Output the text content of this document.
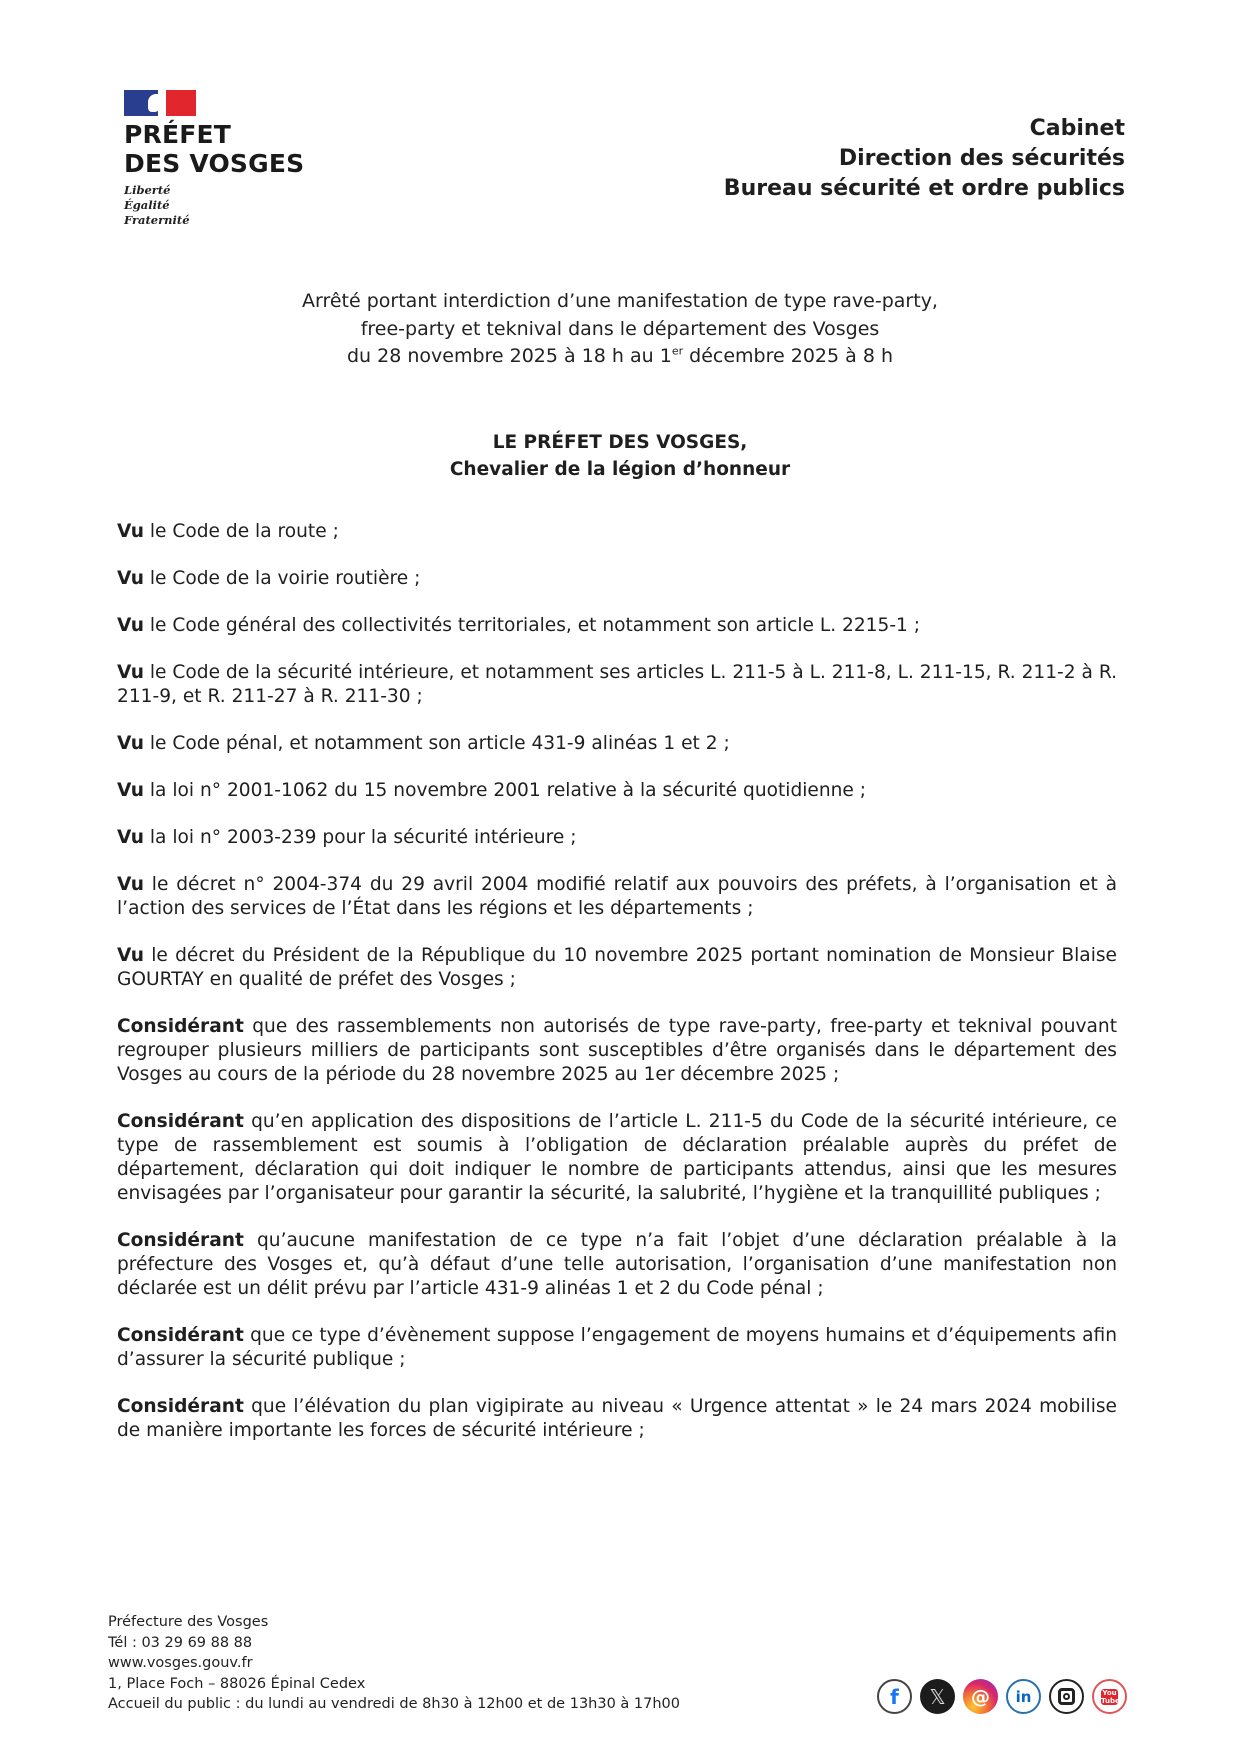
PRÉFET
DES VOSGES
Liberté
Égalité
Fraternité
Cabinet
Direction des sécurités
Bureau sécurité et ordre publics
Arrêté portant interdiction d’une manifestation de type rave-party,
free-party et teknival dans le département des Vosges
du 28 novembre 2025 à 18 h au 1er décembre 2025 à 8 h
LE PRÉFET DES VOSGES,
Chevalier de la légion d’honneur

Vu le Code de la route ;

Vu le Code de la voirie routière ;

Vu le Code général des collectivités territoriales, et notamment son article L. 2215-1 ;

Vu le Code de la sécurité intérieure, et notamment ses articles L. 211-5 à L. 211-8, L. 211-15, R. 211-2 à R. 211-9, et R. 211-27 à R. 211-30 ;

Vu le Code pénal, et notamment son article 431-9 alinéas 1 et 2 ;

Vu la loi n° 2001-1062 du 15 novembre 2001 relative à la sécurité quotidienne ;

Vu la loi n° 2003-239 pour la sécurité intérieure ;

Vu le décret n° 2004-374 du 29 avril 2004 modifié relatif aux pouvoirs des préfets, à l’organisation et à l’action des services de l’État dans les régions et les départements ;

Vu le décret du Président de la République du 10 novembre 2025 portant nomination de Monsieur Blaise GOURTAY en qualité de préfet des Vosges ;

Considérant que des rassemblements non autorisés de type rave-party, free-party et teknival pouvant regrouper plusieurs milliers de participants sont susceptibles d’être organisés dans le département des Vosges au cours de la période du 28 novembre 2025 au 1er décembre 2025 ;

Considérant qu’en application des dispositions de l’article L. 211-5 du Code de la sécurité intérieure, ce type de rassemblement est soumis à l’obligation de déclaration préalable auprès du préfet de département, déclaration qui doit indiquer le nombre de participants attendus, ainsi que les mesures envisagées par l’organisateur pour garantir la sécurité, la salubrité, l’hygiène et la tranquillité publiques ;

Considérant qu’aucune manifestation de ce type n’a fait l’objet d’une déclaration préalable à la préfecture des Vosges et, qu’à défaut d’une telle autorisation, l’organisation d’une manifestation non déclarée est un délit prévu par l’article 431-9 alinéas 1 et 2 du Code pénal ;

Considérant que ce type d’évènement suppose l’engagement de moyens humains et d’équipements afin d’assurer la sécurité publique ;

Considérant que l’élévation du plan vigipirate au niveau « Urgence attentat » le 24 mars 2024 mobilise de manière importante les forces de sécurité intérieure ;

Préfecture des Vosges
Tél : 03 29 69 88 88
www.vosges.gouv.fr
1, Place Foch – 88026 Épinal Cedex
Accueil du public : du lundi au vendredi de 8h30 à 12h00 et de 13h30 à 17h00	f	𝕏	@	in	You Tube
